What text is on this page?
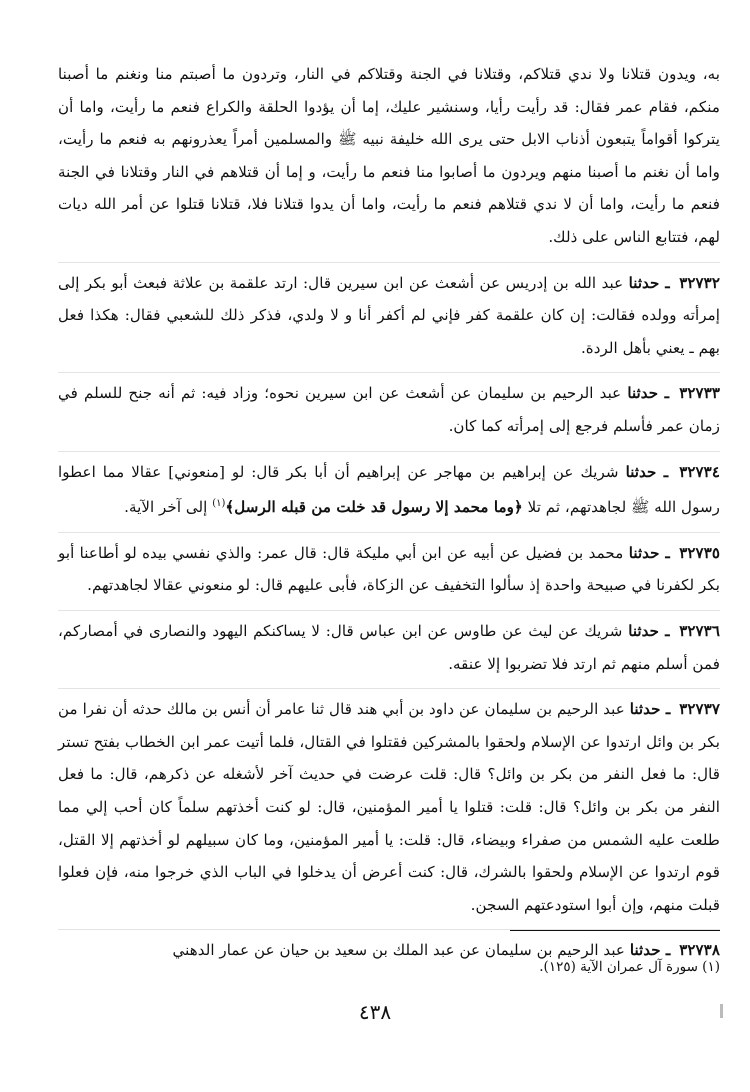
به، ويدون قتلانا ولا ندي قتلاكم، وقتلانا في الجنة وقتلاكم في النار، وتردون ما أصبتم منا ونغنم ما أصبنا منكم، فقام عمر فقال: قد رأيت رأيا، وسنشير عليك، إما أن يؤدوا الحلقة والكراع فنعم ما رأيت، واما أن يتركوا أقواماً يتبعون أذناب الابل حتى يرى الله خليفة نبيه ﷺ والمسلمين أمراً يعذرونهم به فنعم ما رأيت، واما أن نغنم ما أصبنا منهم ويردون ما أصابوا منا فنعم ما رأيت، و إما أن قتلاهم في النار وقتلانا في الجنة فنعم ما رأيت، واما أن لا ندي قتلاهم فنعم ما رأيت، واما أن يدوا قتلانا فلا، قتلانا قتلوا عن أمر الله ديات لهم، فتتابع الناس على ذلك.

٣٢٧٣٢ ـ حدثنا عبد الله بن إدريس عن أشعث عن ابن سيرين قال: ارتد علقمة بن علاثة فبعث أبو بكر إلى إمرأته وولده فقالت: إن كان علقمة كفر فإني لم أكفر أنا و لا ولدي، فذكر ذلك للشعبي فقال: هكذا فعل بهم ـ يعني بأهل الردة.

٣٢٧٣٣ ـ حدثنا عبد الرحيم بن سليمان عن أشعث عن ابن سيرين نحوه؛ وزاد فيه: ثم أنه جنح للسلم في زمان عمر فأسلم فرجع إلى إمرأته كما كان.

٣٢٧٣٤ ـ حدثنا شريك عن إبراهيم بن مهاجر عن إبراهيم أن أبا بكر قال: لو [منعوني] عقالا مما اعطوا رسول الله ﷺ لجاهدتهم، ثم تلا ﴿وما محمد إلا رسول قد خلت من قبله الرسل﴾$^{(١)}$ إلى آخر الآية.

٣٢٧٣٥ ـ حدثنا محمد بن فضيل عن أبيه عن ابن أبي مليكة قال: قال عمر: والذي نفسي بيده لو أطاعنا أبو بكر لكفرنا في صبيحة واحدة إذ سألوا التخفيف عن الزكاة، فأبى عليهم قال: لو منعوني عقالا لجاهدتهم.

٣٢٧٣٦ ـ حدثنا شريك عن ليث عن طاوس عن ابن عباس قال: لا يساكنكم اليهود والنصارى في أمصاركم، فمن أسلم منهم ثم ارتد فلا تضربوا إلا عنقه.

٣٢٧٣٧ ـ حدثنا عبد الرحيم بن سليمان عن داود بن أبي هند قال ثنا عامر أن أنس بن مالك حدثه أن نفرا من بكر بن وائل ارتدوا عن الإسلام ولحقوا بالمشركين فقتلوا في القتال، فلما أتيت عمر ابن الخطاب بفتح تستر قال: ما فعل النفر من بكر بن وائل؟ قال: قلت عرضت في حديث آخر لأشغله عن ذكرهم، قال: ما فعل النفر من بكر بن وائل؟ قال: قلت: قتلوا يا أمير المؤمنين، قال: لو كنت أخذتهم سلماً كان أحب إلي مما طلعت عليه الشمس من صفراء وبيضاء، قال: قلت: يا أمير المؤمنين، وما كان سبيلهم لو أخذتهم إلا القتل، قوم ارتدوا عن الإسلام ولحقوا بالشرك، قال: كنت أعرض أن يدخلوا في الباب الذي خرجوا منه، فإن فعلوا قبلت منهم، وإن أبوا استودعتهم السجن.

٣٢٧٣٨ ـ حدثنا عبد الرحيم بن سليمان عن عبد الملك بن سعيد بن حيان عن عمار الدهني

(١) سورة آل عمران الآية (١٢٥).
٤٣٨
